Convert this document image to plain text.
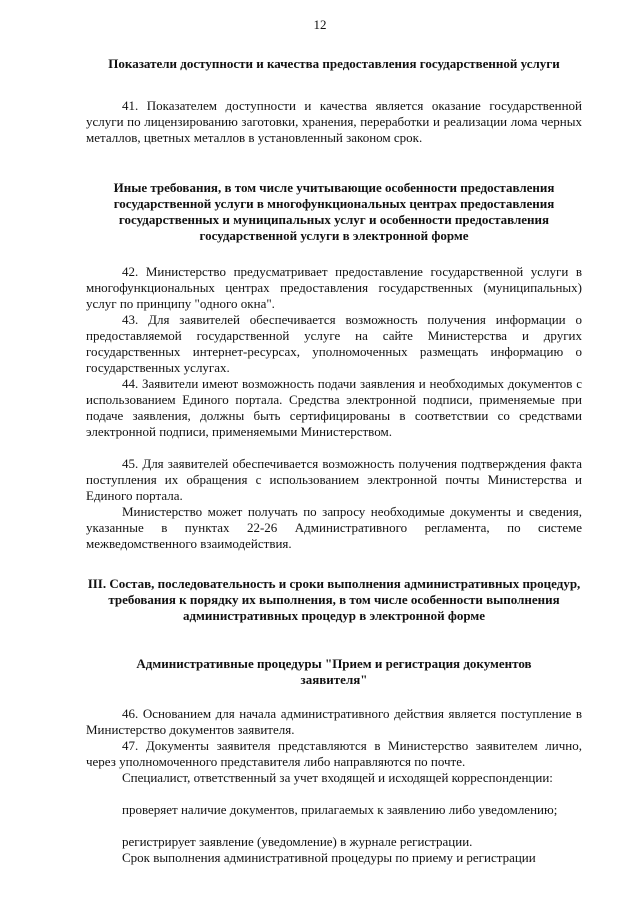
12
Показатели доступности и качества предоставления государственной услуги

41. Показателем доступности и качества является оказание государственной услуги по лицензированию заготовки, хранения, переработки и реализации лома черных металлов, цветных металлов в установленный законом срок.

Иные требования, в том числе учитывающие особенности предоставления государственной услуги в многофункциональных центрах предоставления государственных и муниципальных услуг и особенности предоставления государственной услуги в электронной форме

42. Министерство предусматривает предоставление государственной услуги в многофункциональных центрах предоставления государственных (муниципальных) услуг по принципу "одного окна".

43. Для заявителей обеспечивается возможность получения информации о предоставляемой государственной услуге на сайте Министерства и других государственных интернет-ресурсах, уполномоченных размещать информацию о государственных услугах.

44. Заявители имеют возможность подачи заявления и необходимых документов с использованием Единого портала. Средства электронной подписи, применяемые при подаче заявления, должны быть сертифицированы в соответствии со средствами электронной подписи, применяемыми Министерством.

45. Для заявителей обеспечивается возможность получения подтверждения факта поступления их обращения с использованием электронной почты Министерства и Единого портала.

Министерство может получать по запросу необходимые документы и сведения, указанные в пунктах 22-26 Административного регламента, по системе межведомственного взаимодействия.

III. Состав, последовательность и сроки выполнения административных процедур, требования к порядку их выполнения, в том числе особенности выполнения административных процедур в электронной форме
Административные процедуры "Прием и регистрация документов заявителя"

46. Основанием для начала административного действия является поступление в Министерство документов заявителя.

47. Документы заявителя представляются в Министерство заявителем лично, через уполномоченного представителя либо направляются по почте.

Специалист, ответственный за учет входящей и исходящей корреспонденции:

проверяет наличие документов, прилагаемых к заявлению либо уведомлению;

регистрирует заявление (уведомление) в журнале регистрации.

Срок выполнения административной процедуры по приему и регистрации
